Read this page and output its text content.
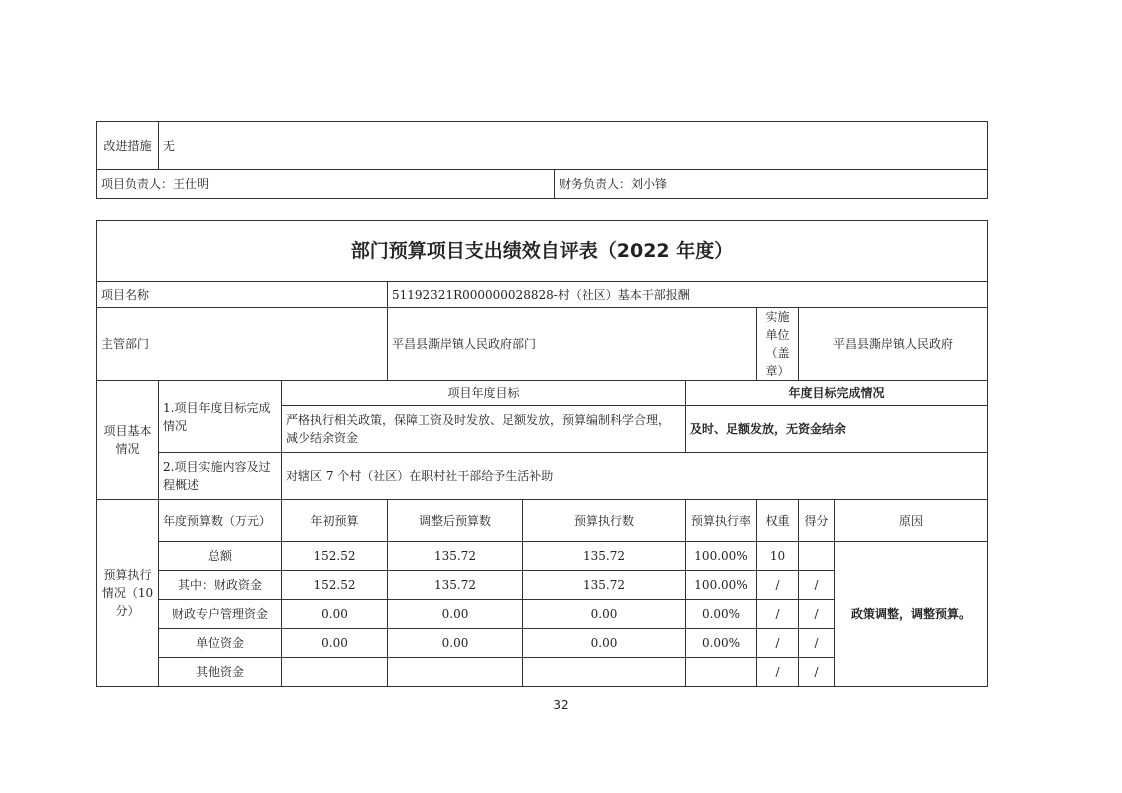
改进措施	无	
项目负责人：王仕明		财务负责人：刘小锋
部门预算项目支出绩效自评表（2022 年度）								
项目名称			51192321R000000028828-村（社区）基本干部报酬					
主管部门			平昌县澌岸镇人民政府部门			实施单位（盖章）	平昌县澌岸镇人民政府	
项目基本情况	1.项目年度目标完成情况	项目年度目标			年度目标完成情况			
		严格执行相关政策，保障工资及时发放、足额发放，预算编制科学合理，减少结余资金			及时、足额发放，无资金结余			
	2.项目实施内容及过程概述	对辖区 7 个村（社区）在职村社干部给予生活补助						
预算执行情况（10 分）	年度预算数（万元）	年初预算	调整后预算数	预算执行数	预算执行率	权重	得分	原因
	总额	152.52	135.72	135.72	100.00%	10		政策调整，调整预算。
	其中：财政资金	152.52	135.72	135.72	100.00%	/	/	
	财政专户管理资金	0.00	0.00	0.00	0.00%	/	/	
	单位资金	0.00	0.00	0.00	0.00%	/	/	
	其他资金					/	/	
32
